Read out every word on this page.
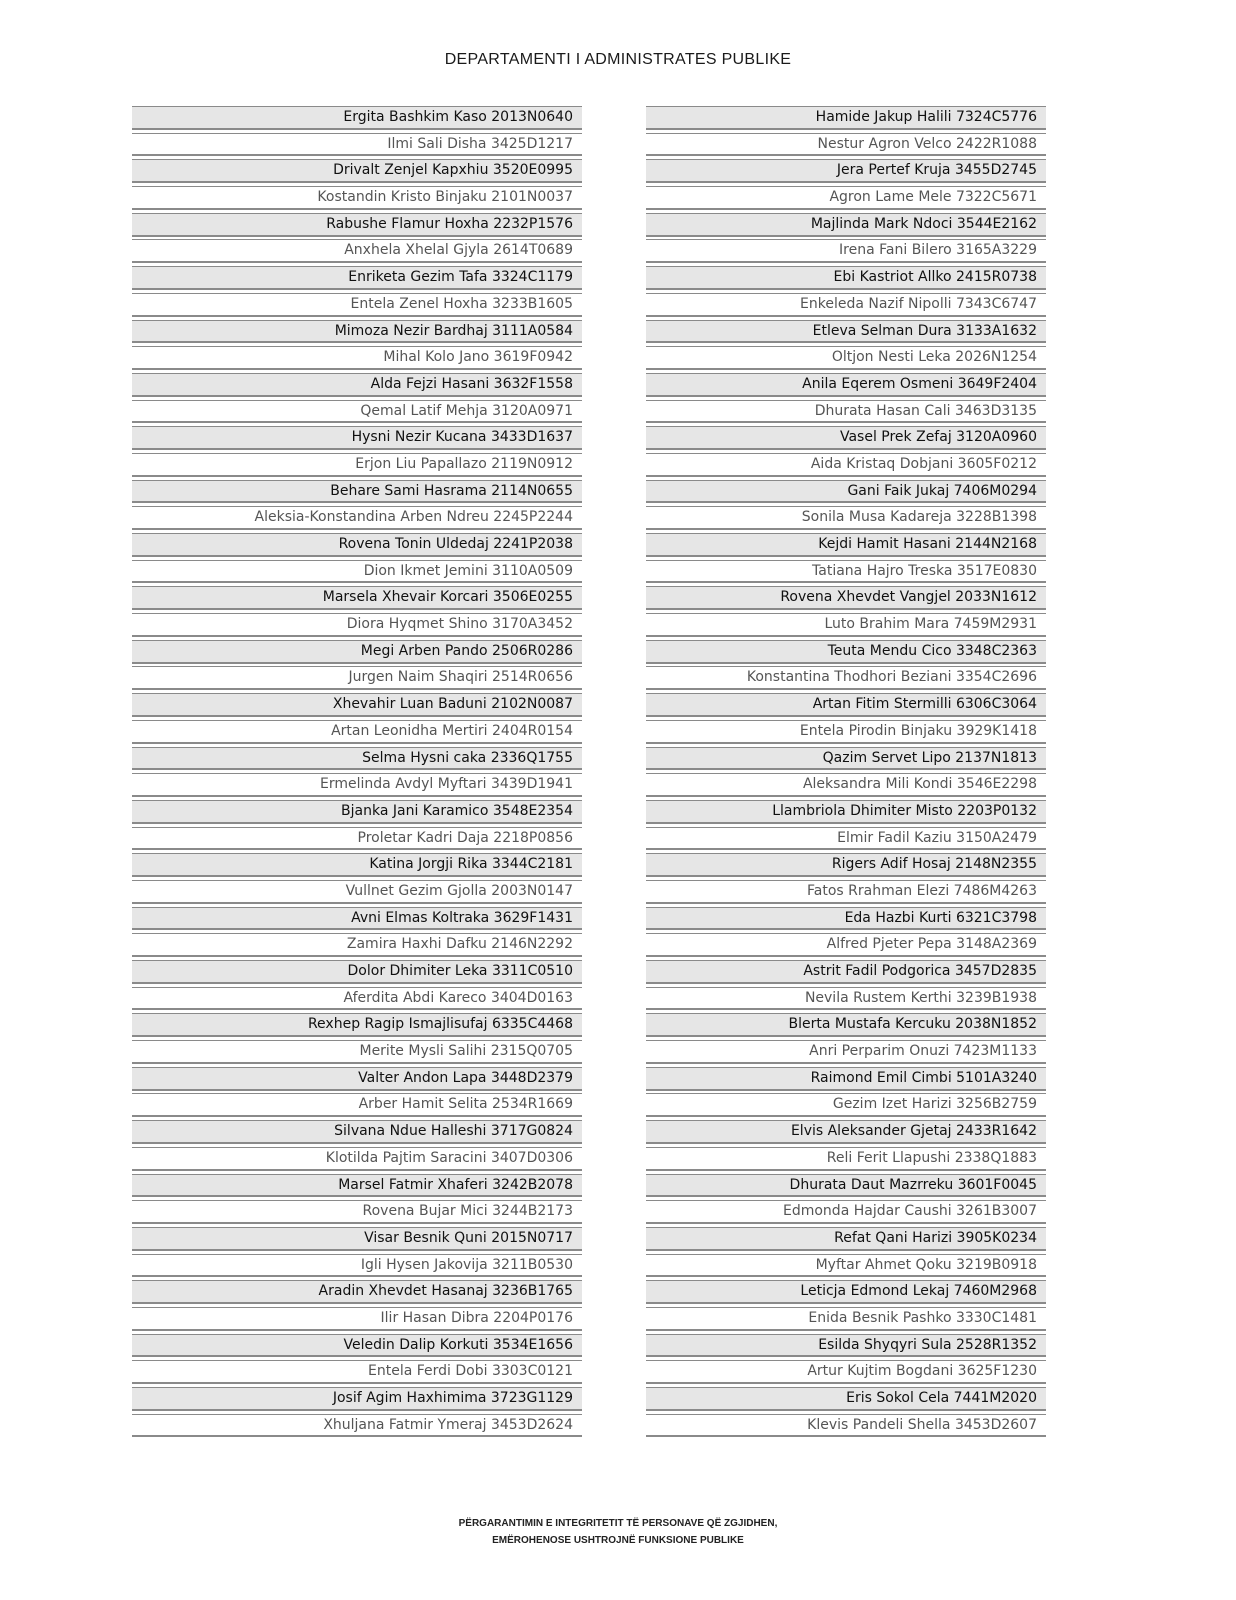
DEPARTAMENTI I ADMINISTRATES PUBLIKE
Ergita Bashkim Kaso 2013N0640
Ilmi Sali Disha 3425D1217
Drivalt Zenjel Kapxhiu 3520E0995
Kostandin Kristo Binjaku 2101N0037
Rabushe Flamur Hoxha 2232P1576
Anxhela Xhelal Gjyla 2614T0689
Enriketa Gezim Tafa 3324C1179
Entela Zenel Hoxha 3233B1605
Mimoza Nezir Bardhaj 3111A0584
Mihal Kolo Jano 3619F0942
Alda Fejzi Hasani 3632F1558
Qemal Latif Mehja 3120A0971
Hysni Nezir Kucana 3433D1637
Erjon Liu Papallazo 2119N0912
Behare Sami Hasrama 2114N0655
Aleksia-Konstandina Arben Ndreu 2245P2244
Rovena Tonin Uldedaj 2241P2038
Dion Ikmet Jemini 3110A0509
Marsela Xhevair Korcari 3506E0255
Diora Hyqmet Shino 3170A3452
Megi Arben Pando 2506R0286
Jurgen Naim Shaqiri 2514R0656
Xhevahir Luan Baduni 2102N0087
Artan Leonidha Mertiri 2404R0154
Selma Hysni caka 2336Q1755
Ermelinda Avdyl Myftari 3439D1941
Bjanka Jani Karamico 3548E2354
Proletar Kadri Daja 2218P0856
Katina Jorgji Rika 3344C2181
Vullnet Gezim Gjolla 2003N0147
Avni Elmas Koltraka 3629F1431
Zamira Haxhi Dafku 2146N2292
Dolor Dhimiter Leka 3311C0510
Aferdita Abdi Kareco 3404D0163
Rexhep Ragip Ismajlisufaj 6335C4468
Merite Mysli Salihi 2315Q0705
Valter Andon Lapa 3448D2379
Arber Hamit Selita 2534R1669
Silvana Ndue Halleshi 3717G0824
Klotilda Pajtim Saracini 3407D0306
Marsel Fatmir Xhaferi 3242B2078
Rovena Bujar Mici 3244B2173
Visar Besnik Quni 2015N0717
Igli Hysen Jakovija 3211B0530
Aradin Xhevdet Hasanaj 3236B1765
Ilir Hasan Dibra 2204P0176
Veledin Dalip Korkuti 3534E1656
Entela Ferdi Dobi 3303C0121
Josif Agim Haxhimima 3723G1129
Xhuljana Fatmir Ymeraj 3453D2624
Hamide Jakup Halili 7324C5776
Nestur Agron Velco 2422R1088
Jera Pertef Kruja 3455D2745
Agron Lame Mele 7322C5671
Majlinda Mark Ndoci 3544E2162
Irena Fani Bilero 3165A3229
Ebi Kastriot Allko 2415R0738
Enkeleda Nazif Nipolli 7343C6747
Etleva Selman Dura 3133A1632
Oltjon Nesti Leka 2026N1254
Anila Eqerem Osmeni 3649F2404
Dhurata Hasan Cali 3463D3135
Vasel Prek Zefaj 3120A0960
Aida Kristaq Dobjani 3605F0212
Gani Faik Jukaj 7406M0294
Sonila Musa Kadareja 3228B1398
Kejdi Hamit Hasani 2144N2168
Tatiana Hajro Treska 3517E0830
Rovena Xhevdet Vangjel 2033N1612
Luto Brahim Mara 7459M2931
Teuta Mendu Cico 3348C2363
Konstantina Thodhori Beziani 3354C2696
Artan Fitim Stermilli 6306C3064
Entela Pirodin Binjaku 3929K1418
Qazim Servet Lipo 2137N1813
Aleksandra Mili Kondi 3546E2298
Llambriola Dhimiter Misto 2203P0132
Elmir Fadil Kaziu 3150A2479
Rigers Adif Hosaj 2148N2355
Fatos Rrahman Elezi 7486M4263
Eda Hazbi Kurti 6321C3798
Alfred Pjeter Pepa 3148A2369
Astrit Fadil Podgorica 3457D2835
Nevila Rustem Kerthi 3239B1938
Blerta Mustafa Kercuku 2038N1852
Anri Perparim Onuzi 7423M1133
Raimond Emil Cimbi 5101A3240
Gezim Izet Harizi 3256B2759
Elvis Aleksander Gjetaj 2433R1642
Reli Ferit Llapushi 2338Q1883
Dhurata Daut Mazrreku 3601F0045
Edmonda Hajdar Caushi 3261B3007
Refat Qani Harizi 3905K0234
Myftar Ahmet Qoku 3219B0918
Leticja Edmond Lekaj 7460M2968
Enida Besnik Pashko 3330C1481
Esilda Shyqyri Sula 2528R1352
Artur Kujtim Bogdani 3625F1230
Eris Sokol Cela 7441M2020
Klevis Pandeli Shella 3453D2607
PËRGARANTIMIN E INTEGRITETIT TË PERSONAVE QË ZGJIDHEN,
EMËROHENOSE USHTROJNË FUNKSIONE PUBLIKE
